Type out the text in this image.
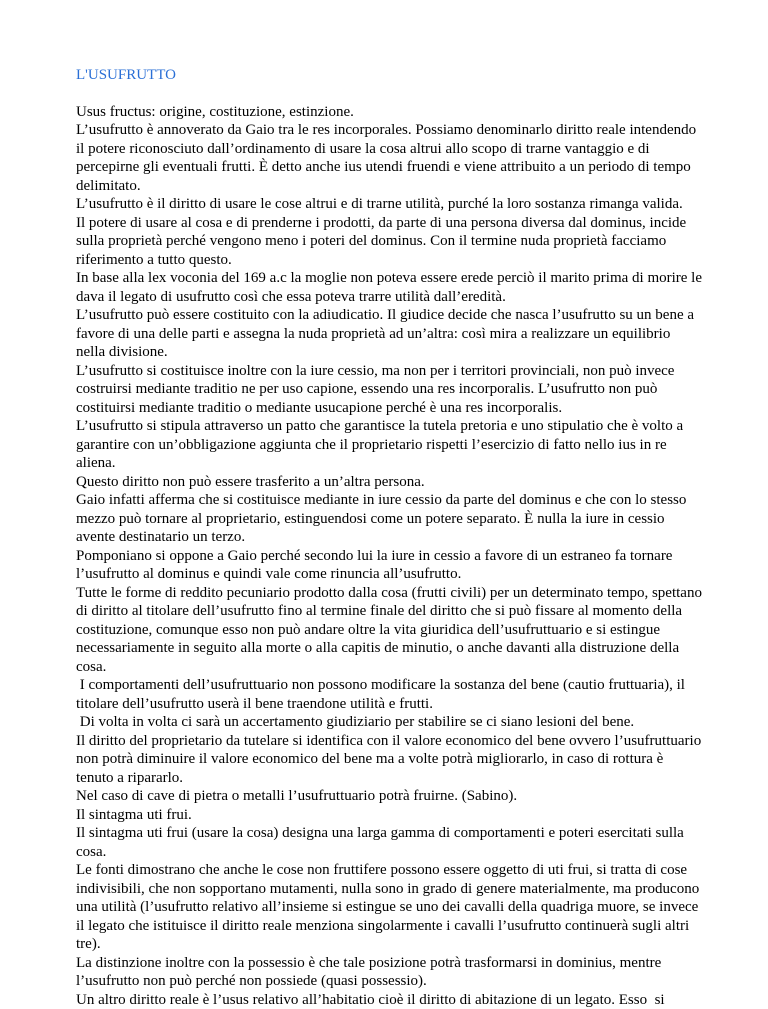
L'USUFRUTTO

Usus fructus: origine, costituzione, estinzione.

L’usufrutto è annoverato da Gaio tra le res incorporales. Possiamo denominarlo diritto reale intendendo il potere riconosciuto dall’ordinamento di usare la cosa altrui allo scopo di trarne vantaggio e di percepirne gli eventuali frutti. È detto anche ius utendi fruendi e viene attribuito a un periodo di tempo delimitato.

L’usufrutto è il diritto di usare le cose altrui e di trarne utilità, purché la loro sostanza rimanga valida.

Il potere di usare al cosa e di prenderne i prodotti, da parte di una persona diversa dal dominus, incide sulla proprietà perché vengono meno i poteri del dominus. Con il termine nuda proprietà facciamo riferimento a tutto questo.

In base alla lex voconia del 169 a.c la moglie non poteva essere erede perciò il marito prima di morire le dava il legato di usufrutto così che essa poteva trarre utilità dall’eredità.

L’usufrutto può essere costituito con la adiudicatio. Il giudice decide che nasca l’usufrutto su un bene a favore di una delle parti e assegna la nuda proprietà ad un’altra: così mira a realizzare un equilibrio nella divisione.

L’usufrutto si costituisce inoltre con la iure cessio, ma non per i territori provinciali, non può invece costruirsi mediante traditio ne per uso capione, essendo una res incorporalis. L’usufrutto non può costituirsi mediante traditio o mediante usucapione perché è una res incorporalis.

L’usufrutto si stipula attraverso un patto che garantisce la tutela pretoria e uno stipulatio che è volto a garantire con un’obbligazione aggiunta che il proprietario rispetti l’esercizio di fatto nello ius in re aliena.

Questo diritto non può essere trasferito a un’altra persona.

Gaio infatti afferma che si costituisce mediante in iure cessio da parte del dominus e che con lo stesso mezzo può tornare al proprietario, estinguendosi come un potere separato. È nulla la iure in cessio avente destinatario un terzo.

Pomponiano si oppone a Gaio perché secondo lui la iure in cessio a favore di un estraneo fa tornare l’usufrutto al dominus e quindi vale come rinuncia all’usufrutto.

Tutte le forme di reddito pecuniario prodotto dalla cosa (frutti civili) per un determinato tempo, spettano di diritto al titolare dell’usufrutto fino al termine finale del diritto che si può fissare al momento della costituzione, comunque esso non può andare oltre la vita giuridica dell’usufruttuario e si estingue necessariamente in seguito alla morte o alla capitis de minutio, o anche davanti alla distruzione della cosa.

I comportamenti dell’usufruttuario non possono modificare la sostanza del bene (cautio fruttuaria), il titolare dell’usufrutto userà il bene traendone utilità e frutti.

Di volta in volta ci sarà un accertamento giudiziario per stabilire se ci siano lesioni del bene.

Il diritto del proprietario da tutelare si identifica con il valore economico del bene ovvero l’usufruttuario non potrà diminuire il valore economico del bene ma a volte potrà migliorarlo, in caso di rottura è tenuto a ripararlo.

Nel caso di cave di pietra o metalli l’usufruttuario potrà fruirne. (Sabino).

Il sintagma uti frui.

Il sintagma uti frui (usare la cosa) designa una larga gamma di comportamenti e poteri esercitati sulla cosa.

Le fonti dimostrano che anche le cose non fruttifere possono essere oggetto di uti frui, si tratta di cose indivisibili, che non sopportano mutamenti, nulla sono in grado di genere materialmente, ma producono una utilità (l’usufrutto relativo all’insieme si estingue se uno dei cavalli della quadriga muore, se invece il legato che istituisce il diritto reale menziona singolarmente i cavalli l’usufrutto continuerà sugli altri tre).

La distinzione inoltre con la possessio è che tale posizione potrà trasformarsi in dominius, mentre l’usufrutto non può perché non possiede (quasi possessio).

Un altro diritto reale è l’usus relativo all’habitatio cioè il diritto di abitazione di un legato. Esso  si
